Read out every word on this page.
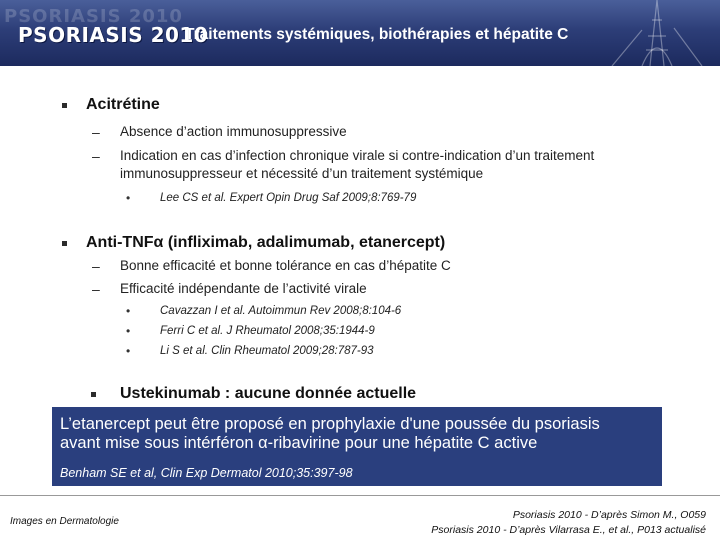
PSORIASIS 2010
PSORIASIS 2010
Traitements systémiques, biothérapies et hépatite C
Acitrétine
– Absence d’action immunosuppressive
– Indication en cas d’infection chronique virale si contre-indication d’un traitement
immunosuppresseur et nécessité d’un traitement systémique
•	Lee CS et al. Expert Opin Drug Saf 2009;8:769-79
Anti-TNFα (infliximab, adalimumab, etanercept)
– Bonne efficacité et bonne tolérance en cas d’hépatite C
– Efficacité indépendante de l’activité virale
•	Cavazzan I et al. Autoimmun Rev 2008;8:104-6
•	Ferri C et al. J Rheumatol 2008;35:1944-9
•	Li S et al. Clin Rheumatol 2009;28:787-93
Ustekinumab : aucune donnée actuelle
L’etanercept peut être proposé en prophylaxie d'une poussée du psoriasis
avant mise sous intérféron α-ribavirine pour une hépatite C active
Benham SE et al, Clin Exp Dermatol 2010;35:397-98
Images en Dermatologie
Psoriasis 2010 - D’après Simon M., O059
Psoriasis 2010 - D’après Vilarrasa E., et al., P013 actualisé
